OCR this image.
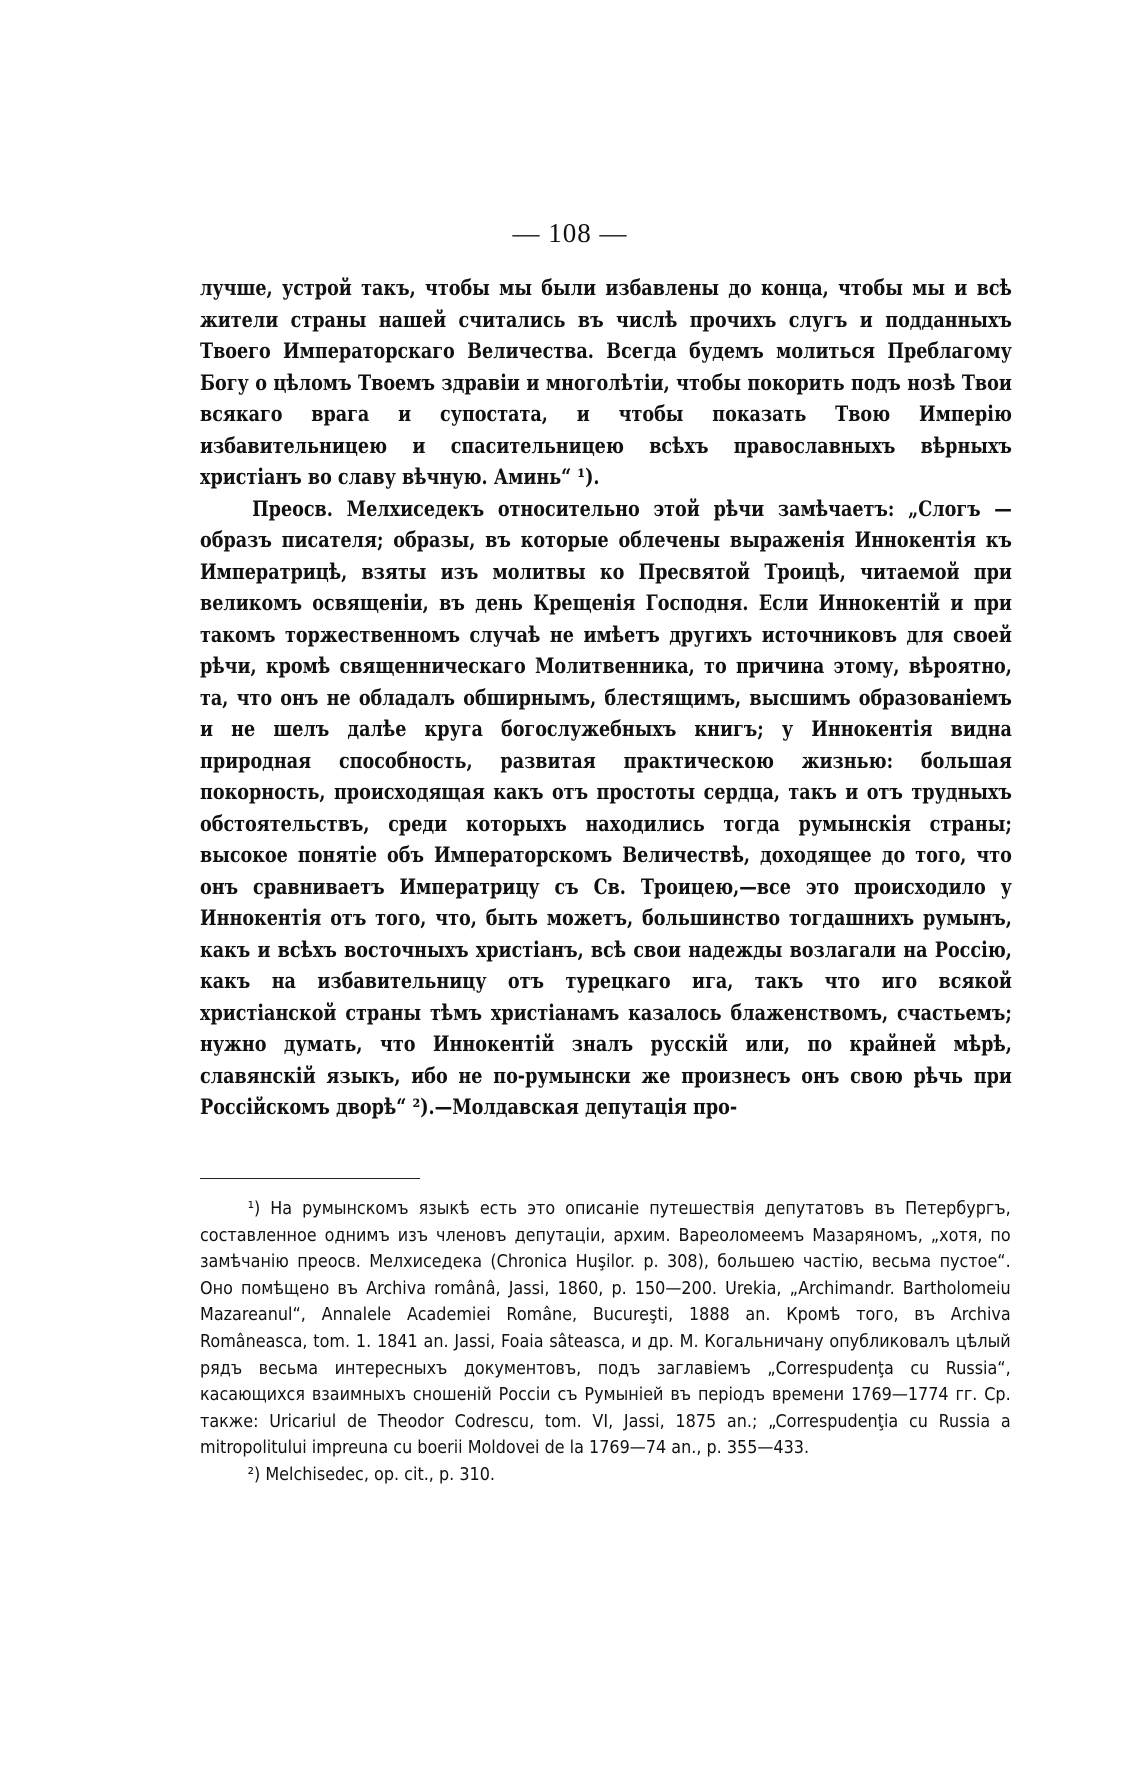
— 108 —

лучше, устрой такъ, чтобы мы были избавлены до конца, чтобы мы и всѣ жители страны нашей считались въ числѣ прочихъ слугъ и подданныхъ Твоего Императорскаго Величества. Всегда будемъ молиться Преблагому Богу о цѣломъ Твоемъ здравіи и многолѣтіи, чтобы покорить подъ нозѣ Твои всякаго врага и супостата, и чтобы показать Твою Имперію избавительницею и спасительницею всѣхъ православныхъ вѣрныхъ христіанъ во славу вѣчную. Аминь“ ¹).

Преосв. Мелхиседекъ относительно этой рѣчи замѣчаетъ: „Слогъ —образъ писателя; образы, въ которые облечены выраженія Иннокентія къ Императрицѣ, взяты изъ молитвы ко Пресвятой Троицѣ, читаемой при великомъ освященіи, въ день Крещенія Господня. Если Иннокентій и при такомъ торжественномъ случаѣ не имѣетъ другихъ источниковъ для своей рѣчи, кромѣ священническаго Молитвенника, то причина этому, вѣроятно, та, что онъ не обладалъ обширнымъ, блестящимъ, высшимъ образованіемъ и не шелъ далѣе круга богослужебныхъ книгъ; у Иннокентія видна природная способность, развитая практическою жизнью: большая покорность, происходящая какъ отъ простоты сердца, такъ и отъ трудныхъ обстоятельствъ, среди которыхъ находились тогда румынскія страны; высокое понятіе объ Императорскомъ Величествѣ, доходящее до того, что онъ сравниваетъ Императрицу съ Св. Троицею,—все это происходило у Иннокентія отъ того, что, быть можетъ, большинство тогдашнихъ румынъ, какъ и всѣхъ восточныхъ христіанъ, всѣ свои надежды возлагали на Россію, какъ на избавительницу отъ турецкаго ига, такъ что иго всякой христіанской страны тѣмъ христіанамъ казалось блаженствомъ, счастьемъ; нужно думать, что Иннокентій зналъ русскій или, по крайней мѣрѣ, славянскій языкъ, ибо не по-румынски же произнесъ онъ свою рѣчь при Россійскомъ дворѣ“ ²).—Молдавская депутація про-

¹) На румынскомъ языкѣ есть это описаніе путешествія депутатовъ въ Петербургъ, составленное однимъ изъ членовъ депутаціи, архим. Вареоломеемъ Мазаряномъ, „хотя, по замѣчанію преосв. Мелхиседека (Chronica Huşilor. p. 308), большею частію, весьма пустое“. Оно помѣщено въ Archiva românâ, Jassi, 1860, p. 150—200. Urekia, „Archimandr. Bartholomeiu Mazareanul“, Annalele Academiei Române, Bucureşti, 1888 an. Кромѣ того, въ Archiva Româneasca, tom. 1. 1841 an. Jassi, Foaia sâteasca, и др. М. Когальничану опубликовалъ цѣлый рядъ весьма интересныхъ документовъ, подъ заглавіемъ „Correspudenţa cu Russia“, касающихся взаимныхъ сношеній Россіи съ Румыніей въ періодъ времени 1769—1774 гг. Ср. также: Uricariul de Theodor Codrescu, tom. VI, Jassi, 1875 an.; „Correspudenţia cu Russia a mitropolitului impreuna cu boerii Moldovei de la 1769—74 an., p. 355—433.

²) Melchisedec, op. cit., p. 310.
